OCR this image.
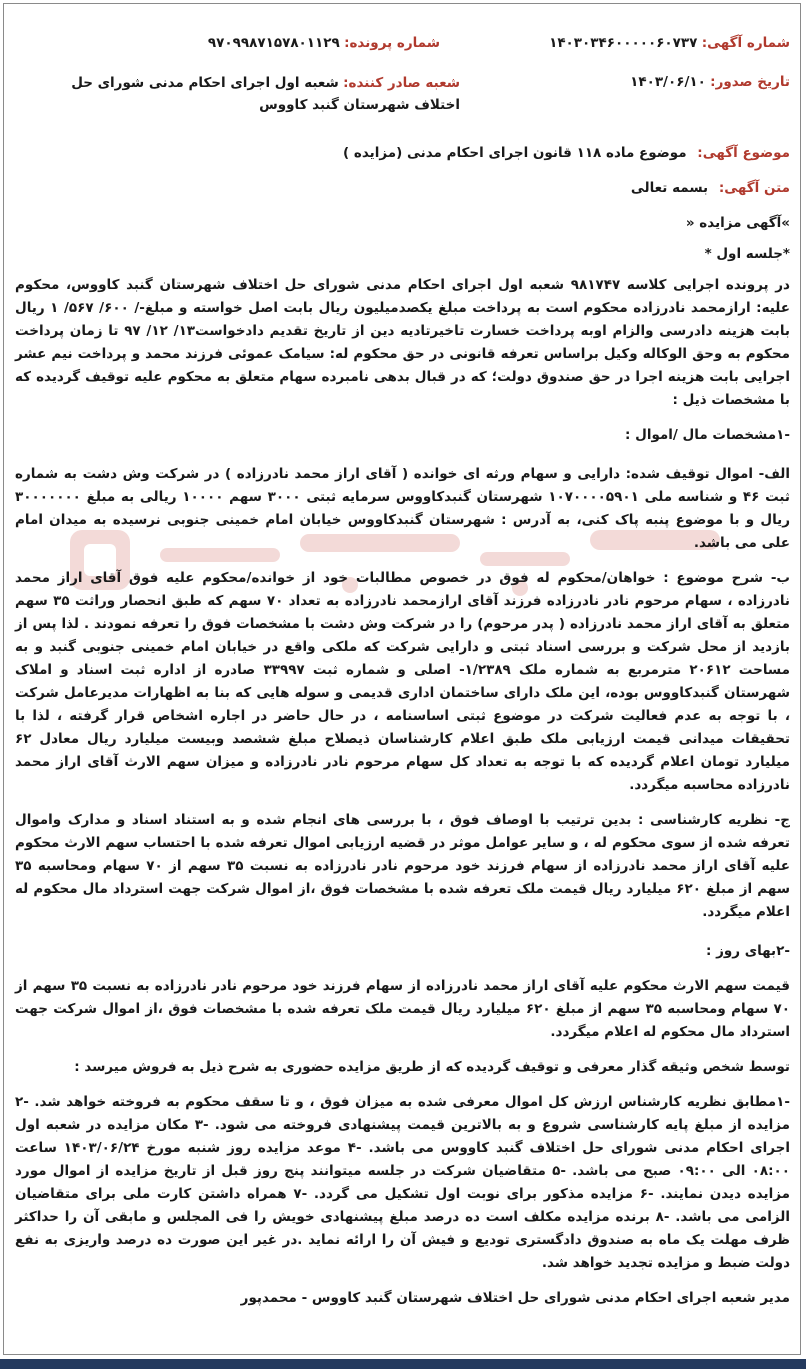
شماره آگهی: ۱۴۰۳۰۳۴۶۰۰۰۰۰۶۰۷۳۷
شماره پرونده: ۹۷۰۹۹۸۷۱۵۷۸۰۱۱۲۹
تاریخ صدور: ۱۴۰۳/۰۶/۱۰
شعبه صادر کننده: شعبه اول اجرای احکام مدنی شورای حل اختلاف شهرستان گنبد کاووس

موضوع آگهی: موضوع ماده ۱۱۸ قانون اجرای احکام مدنی (مزایده )

متن آگهی: بسمه تعالی

»آگهی مزایده «

*جلسه اول *

در پرونده اجرایی کلاسه ۹۸۱۷۴۷ شعبه اول اجرای احکام مدنی شورای حل اختلاف شهرستان گنبد کاووس، محکوم علیه: ارازمحمد نادرزاده محکوم است به پرداخت مبلغ یکصدمیلیون ریال بابت اصل خواسته و مبلغ-/ ۶۰۰/ ۵۶۷/ ۱ ریال بابت هزینه دادرسی والزام اوبه پرداخت خسارت تاخیرتادیه دین از تاریخ تقدیم دادخواست۱۳/ ۱۲/ ۹۷ تا زمان پرداخت محکوم به وحق الوکاله وکیل براساس تعرفه قانونی در حق محکوم له: سیامک عموئی فرزند محمد و پرداخت نیم عشر اجرایی بابت هزینه اجرا در حق صندوق دولت؛ که در قبال بدهی نامبرده سهام متعلق به محکوم علیه توقیف گردیده که با مشخصات ذیل :

-۱مشخصات مال /اموال :

الف- اموال توقیف شده: دارایی و سهام ورثه ای خوانده ( آقای اراز محمد نادرزاده ) در شرکت وش دشت به شماره ثبت ۴۶ و شناسه ملی ۱۰۷۰۰۰۰۵۹۰۱ شهرستان گنبدکاووس سرمایه ثبتی ۳۰۰۰ سهم ۱۰۰۰۰ ریالی به مبلغ ۳۰۰۰۰۰۰۰ ریال و با موضوع پنبه پاک کنی، به آدرس : شهرستان گنبدکاووس خیابان امام خمینی جنوبی نرسیده به میدان امام علی می باشد.

ب- شرح موضوع : خواهان/محکوم له فوق در خصوص مطالبات خود از خوانده/محکوم علیه فوق آقای اراز محمد نادرزاده ، سهام مرحوم نادر نادرزاده فرزند آقای ارازمحمد نادرزاده به تعداد ۷۰ سهم که طبق انحصار وراثت ۳۵ سهم متعلق به آقای اراز محمد نادرزاده ( پدر مرحوم) را در شرکت وش دشت با مشخصات فوق را تعرفه نمودند . لذا پس از بازدید از محل شرکت و بررسی اسناد ثبتی و دارایی شرکت که ملکی واقع در خیابان امام خمینی جنوبی گنبد و به مساحت ۲۰۶۱۲ مترمربع به شماره ملک ۱/۲۳۸۹- اصلی و شماره ثبت ۳۳۹۹۷ صادره از اداره ثبت اسناد و املاک شهرستان گنبدکاووس بوده، این ملک دارای ساختمان اداری قدیمی و سوله هایی که بنا به اظهارات مدیرعامل شرکت ، با توجه به عدم فعالیت شرکت در موضوع ثبتی اساسنامه ، در حال حاضر در اجاره اشخاص قرار گرفته ، لذا با تحقیقات میدانی قیمت ارزیابی ملک طبق اعلام کارشناسان ذیصلاح مبلغ ششصد وبیست میلیارد ریال معادل ۶۲ میلیارد تومان اعلام گردیده که با توجه به تعداد کل سهام مرحوم نادر نادرزاده و میزان سهم الارث آقای اراز محمد نادرزاده محاسبه میگردد.

ج- نظریه کارشناسی : بدین ترتیب با اوصاف فوق ، با بررسی های انجام شده و به استناد اسناد و مدارک واموال تعرفه شده از سوی محکوم له ، و سایر عوامل موثر در قضیه ارزیابی اموال تعرفه شده با احتساب سهم الارث محکوم علیه آقای اراز محمد نادرزاده از سهام فرزند خود مرحوم نادر نادرزاده به نسبت ۳۵ سهم از ۷۰ سهام ومحاسبه ۳۵ سهم از مبلغ ۶۲۰ میلیارد ریال قیمت ملک تعرفه شده با مشخصات فوق ،از اموال شرکت جهت استرداد مال محکوم له اعلام میگردد.

-۲بهای روز :

قیمت سهم الارث محکوم علیه آقای اراز محمد نادرزاده از سهام فرزند خود مرحوم نادر نادرزاده به نسبت ۳۵ سهم از ۷۰ سهام ومحاسبه ۳۵ سهم از مبلغ ۶۲۰ میلیارد ریال قیمت ملک تعرفه شده با مشخصات فوق ،از اموال شرکت جهت استرداد مال محکوم له اعلام میگردد.

توسط شخص وثیقه گذار معرفی و توقیف گردیده که از طریق مزایده حضوری به شرح ذیل به فروش میرسد :

-۱مطابق نظریه کارشناس ارزش کل اموال معرفی شده به میزان فوق ، و تا سقف محکوم به فروخته خواهد شد. -۲ مزایده از مبلغ پایه کارشناسی شروع و به بالاترین قیمت پیشنهادی فروخته می شود. -۳ مکان مزایده در شعبه اول اجرای احکام مدنی شورای حل اختلاف گنبد کاووس می باشد. -۴ موعد مزایده روز شنبه مورخ ۱۴۰۳/۰۶/۲۴ ساعت ۰۸:۰۰ الی ۰۹:۰۰ صبح می باشد. -۵ متقاضیان شرکت در جلسه میتوانند پنج روز قبل از تاریخ مزایده از اموال مورد مزایده دیدن نمایند. -۶ مزایده مذکور برای نوبت اول تشکیل می گردد. -۷ همراه داشتن کارت ملی برای متقاضیان الزامی می باشد. -۸ برنده مزایده مکلف است ده درصد مبلغ پیشنهادی خویش را فی المجلس و مابقی آن را حداکثر ظرف مهلت یک ماه به صندوق دادگستری تودیع و فیش آن را ارائه نماید .در غیر این صورت ده درصد واریزی به نفع دولت ضبط و مزایده تجدید خواهد شد.

مدیر شعبه اجرای احکام مدنی شورای حل اختلاف شهرستان گنبد کاووس - محمدپور
